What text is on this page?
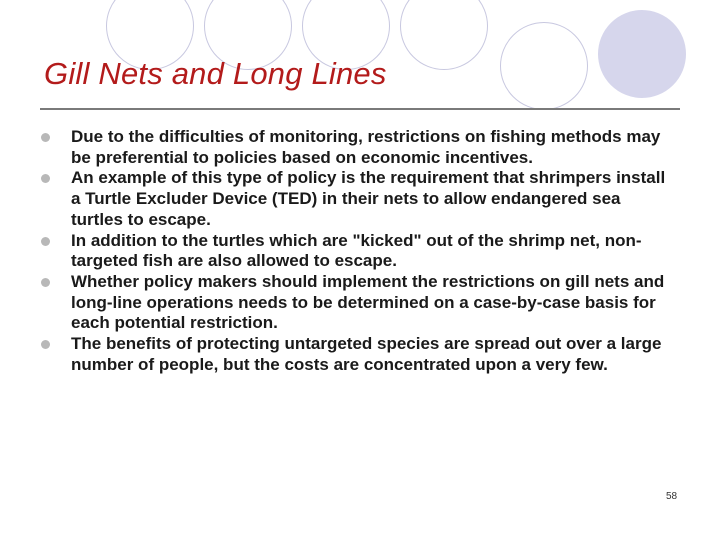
Gill Nets and Long Lines
Due to the difficulties of monitoring, restrictions on fishing methods may be preferential to policies based on economic incentives.
An example of this type of policy is the requirement that shrimpers install a Turtle Excluder Device (TED) in their nets to allow endangered sea turtles to escape.
In addition to the turtles which are "kicked" out of the shrimp net, non-targeted fish are also allowed to escape.
Whether policy makers should implement the restrictions on gill nets and long-line operations needs to be determined on a case-by-case basis for each potential restriction.
The benefits of protecting untargeted species are spread out over a large number of people, but the costs are concentrated upon a very few.
58
